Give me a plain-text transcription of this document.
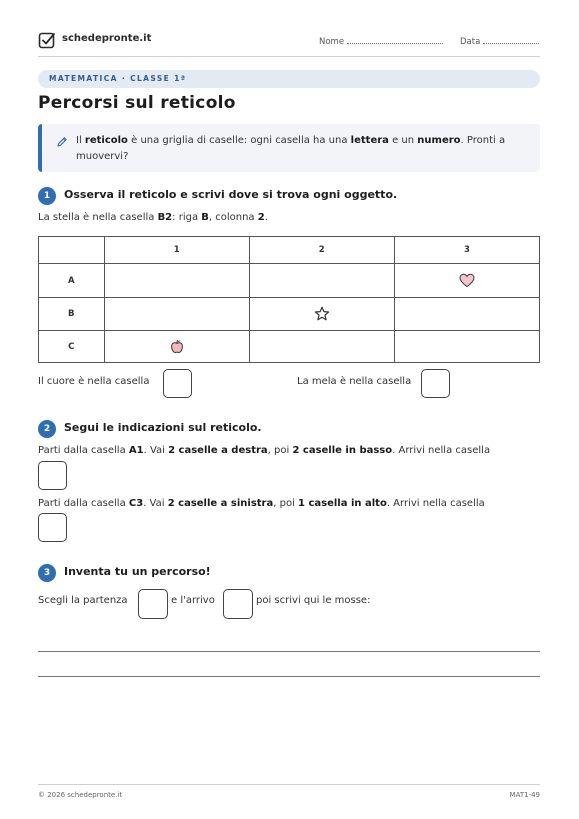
schedepronte.it	Nome	Data
MATEMATICA · CLASSE 1ª
Percorsi sul reticolo
Il reticolo è una griglia di caselle: ogni casella ha una lettera e un numero. Pronti a muovervi?
1	Osserva il reticolo e scrivi dove si trova ogni oggetto.
La stella è nella casella B2: riga B, colonna 2.
	1	2	3
A			
B			
C			
Il cuore è nella casella	La mela è nella casella
2	Segui le indicazioni sul reticolo.
Parti dalla casella A1. Vai 2 caselle a destra, poi 2 caselle in basso. Arrivi nella casella
Parti dalla casella C3. Vai 2 caselle a sinistra, poi 1 casella in alto. Arrivi nella casella
3	Inventa tu un percorso!
Scegli la partenza	e l'arrivo	poi scrivi qui le mosse:
© 2026 schedepronte.it	MAT1-49
